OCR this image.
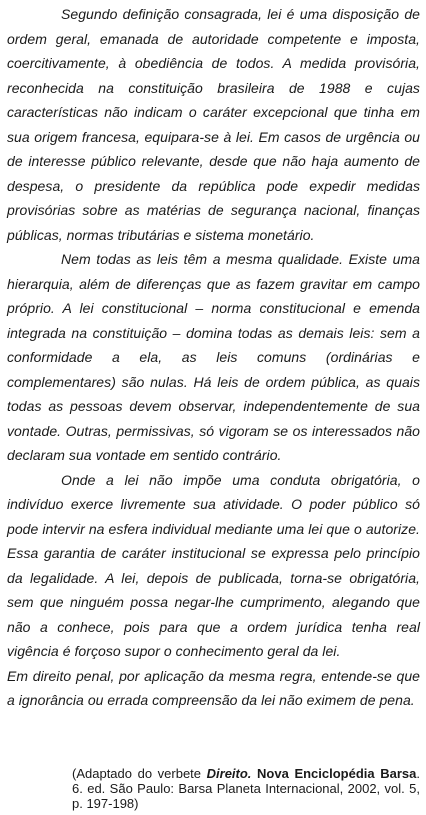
Segundo definição consagrada, lei é uma disposição de ordem geral, emanada de autoridade competente e imposta, coercitivamente, à obediência de todos. A medida provisória, reconhecida na constituição brasileira de 1988 e cujas características não indicam o caráter excepcional que tinha em sua origem francesa, equipara-se à lei. Em casos de urgência ou de interesse público relevante, desde que não haja aumento de despesa, o presidente da república pode expedir medidas provisórias sobre as matérias de segurança nacional, finanças públicas, normas tributárias e sistema monetário.

Nem todas as leis têm a mesma qualidade. Existe uma hierarquia, além de diferenças que as fazem gravitar em campo próprio. A lei constitucional – norma constitucional e emenda integrada na constituição – domina todas as demais leis: sem a conformidade a ela, as leis comuns (ordinárias e complementares) são nulas. Há leis de ordem pública, as quais todas as pessoas devem observar, independentemente de sua vontade. Outras, permissivas, só vigoram se os interessados não declaram sua vontade em sentido contrário.

Onde a lei não impõe uma conduta obrigatória, o indivíduo exerce livremente sua atividade. O poder público só pode intervir na esfera individual mediante uma lei que o autorize. Essa garantia de caráter institucional se expressa pelo princípio da legalidade. A lei, depois de publicada, torna-se obrigatória, sem que ninguém possa negar-lhe cumprimento, alegando que não a conhece, pois para que a ordem jurídica tenha real vigência é forçoso supor o conhecimento geral da lei.

Em direito penal, por aplicação da mesma regra, entende-se que a ignorância ou errada compreensão da lei não eximem de pena.

(Adaptado do verbete Direito. Nova Enciclopédia Barsa. 6. ed. São Paulo: Barsa Planeta Internacional, 2002, vol. 5, p. 197-198)
